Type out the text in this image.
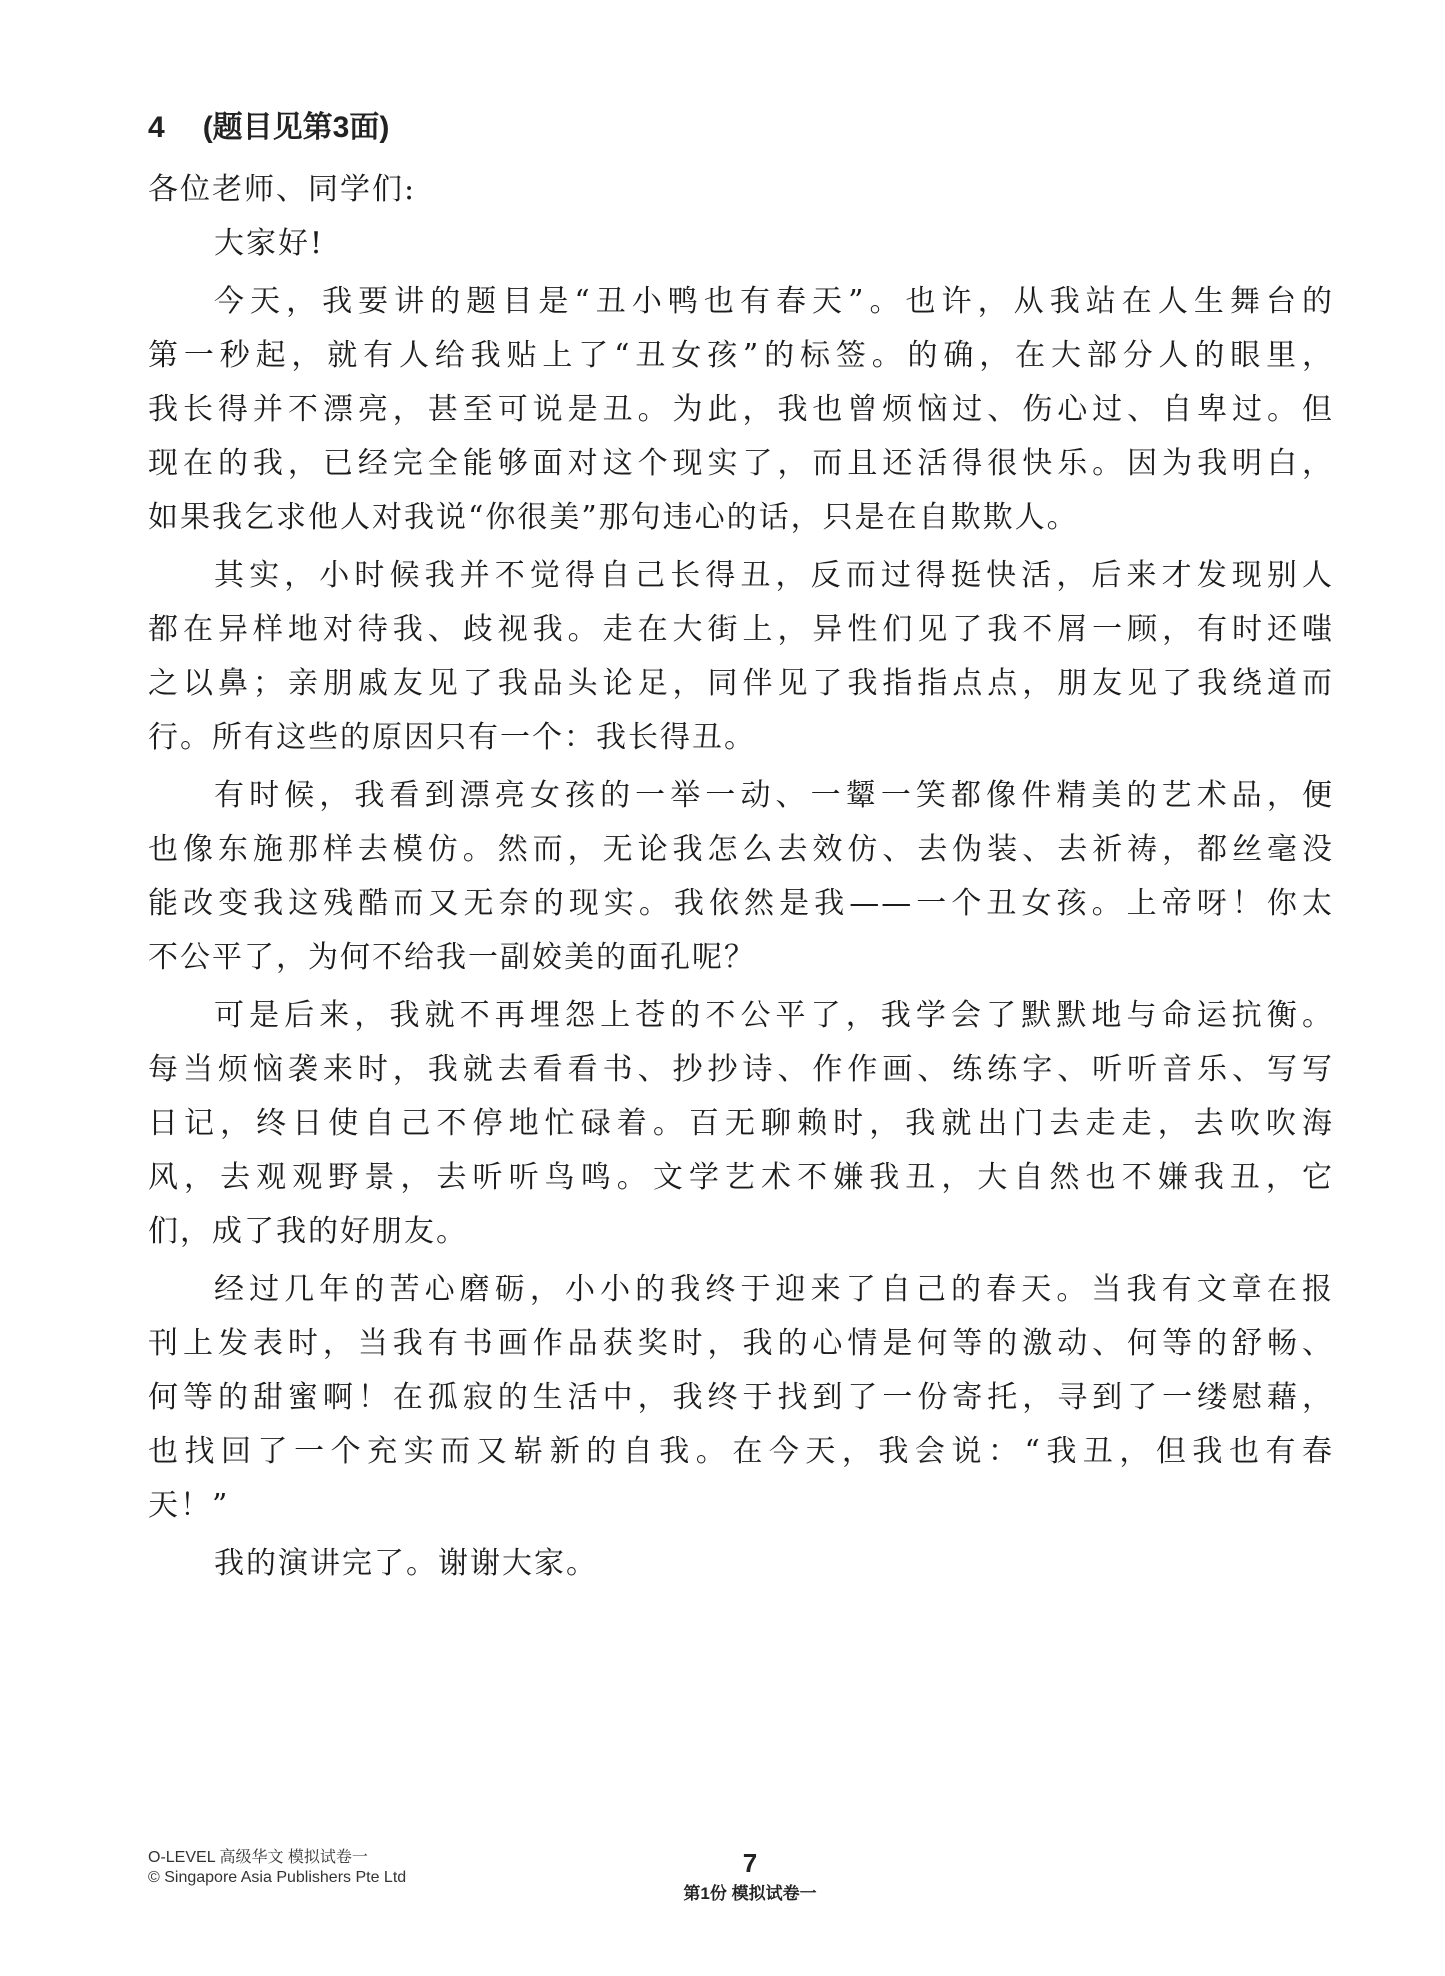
4 (题目见第3面)
各位老师、同学们:
大家好!
今天，我要讲的题目是“丑小鸭也有春天”。也许，从我站在人生舞台的
第一秒起，就有人给我贴上了“丑女孩”的标签。的确，在大部分人的眼里，
我长得并不漂亮，甚至可说是丑。为此，我也曾烦恼过、伤心过、自卑过。但
现在的我，已经完全能够面对这个现实了，而且还活得很快乐。因为我明白，
如果我乞求他人对我说“你很美”那句违心的话，只是在自欺欺人。
其实，小时候我并不觉得自己长得丑，反而过得挺快活，后来才发现别人
都在异样地对待我、歧视我。走在大街上，异性们见了我不屑一顾，有时还嗤
之以鼻；亲朋戚友见了我品头论足，同伴见了我指指点点，朋友见了我绕道而
行。所有这些的原因只有一个：我长得丑。
有时候，我看到漂亮女孩的一举一动、一颦一笑都像件精美的艺术品，便
也像东施那样去模仿。然而，无论我怎么去效仿、去伪装、去祈祷，都丝毫没
能改变我这残酷而又无奈的现实。我依然是我——一个丑女孩。上帝呀！你太
不公平了，为何不给我一副姣美的面孔呢？
可是后来，我就不再埋怨上苍的不公平了，我学会了默默地与命运抗衡。
每当烦恼袭来时，我就去看看书、抄抄诗、作作画、练练字、听听音乐、写写
日记，终日使自己不停地忙碌着。百无聊赖时，我就出门去走走，去吹吹海
风，去观观野景，去听听鸟鸣。文学艺术不嫌我丑，大自然也不嫌我丑，它
们，成了我的好朋友。
经过几年的苦心磨砺，小小的我终于迎来了自己的春天。当我有文章在报
刊上发表时，当我有书画作品获奖时，我的心情是何等的激动、何等的舒畅、
何等的甜蜜啊！在孤寂的生活中，我终于找到了一份寄托，寻到了一缕慰藉，
也找回了一个充实而又崭新的自我。在今天，我会说：“我丑，但我也有春
天！”
我的演讲完了。谢谢大家。
O-LEVEL 高级华文 模拟试卷一
© Singapore Asia Publishers Pte Ltd	7
第1份 模拟试卷一
